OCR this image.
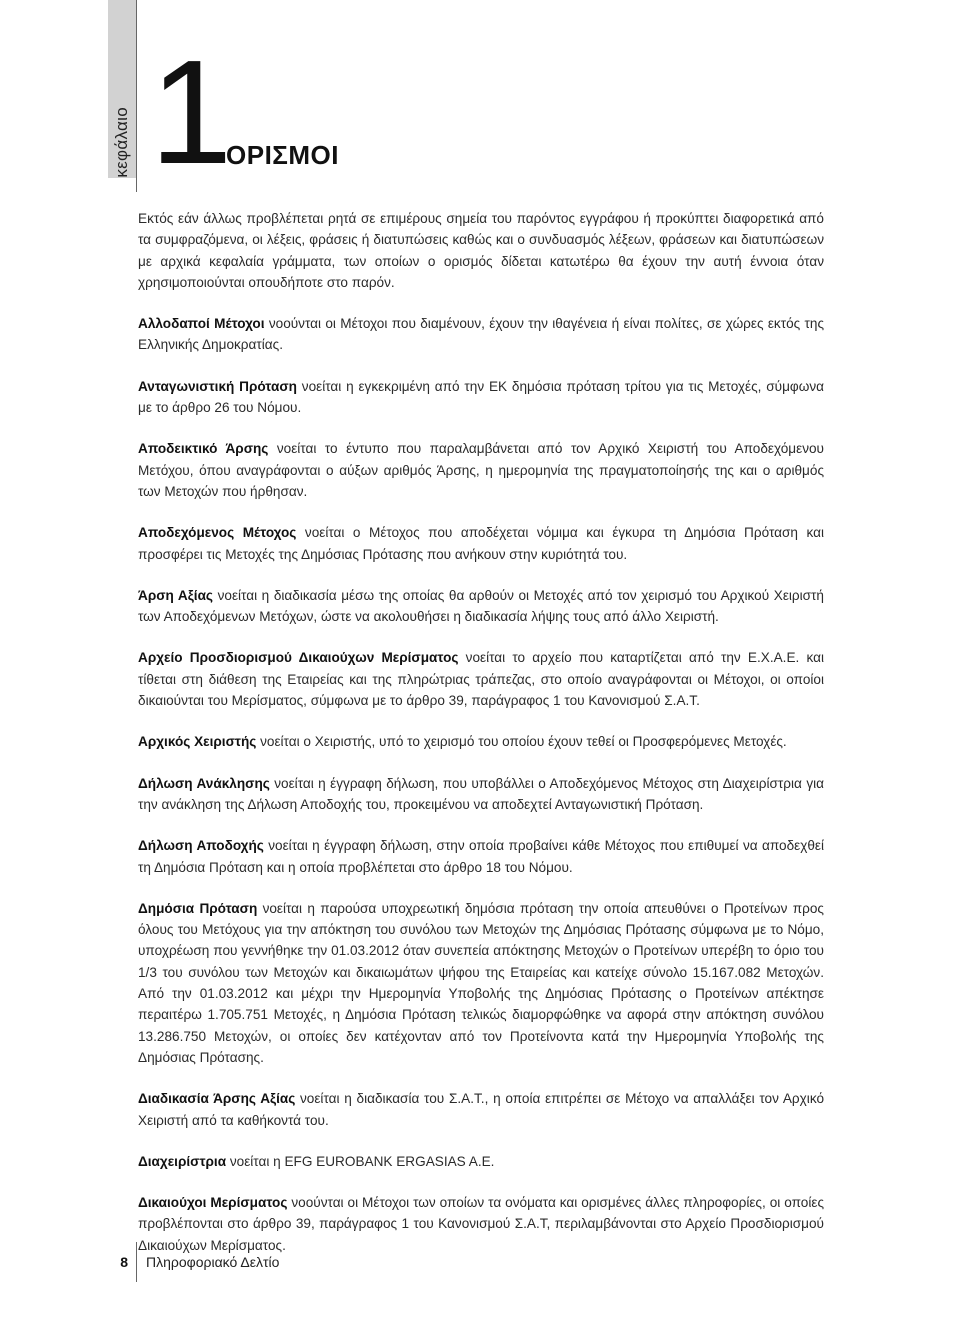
κεφάλαιο 1
ΟΡΙΣΜΟΙ

Εκτός εάν άλλως προβλέπεται ρητά σε επιμέρους σημεία του παρόντος εγγράφου ή προκύπτει διαφορετικά από τα συμφραζόμενα, οι λέξεις, φράσεις ή διατυπώσεις καθώς και ο συνδυασμός λέξεων, φράσεων και διατυπώσεων με αρχικά κεφαλαία γράμματα, των οποίων ο ορισμός δίδεται κατωτέρω θα έχουν την αυτή έννοια όταν χρησιμοποιούνται οπουδήποτε στο παρόν.

Αλλοδαποί Μέτοχοι νοούνται οι Μέτοχοι που διαμένουν, έχουν την ιθαγένεια ή είναι πολίτες, σε χώρες εκτός της Ελληνικής Δημοκρατίας.

Ανταγωνιστική Πρόταση νοείται η εγκεκριμένη από την ΕΚ δημόσια πρόταση τρίτου για τις Μετοχές, σύμφωνα με το άρθρο 26 του Νόμου.

Αποδεικτικό Άρσης νοείται το έντυπο που παραλαμβάνεται από τον Αρχικό Χειριστή του Αποδεχόμενου Μετόχου, όπου αναγράφονται ο αύξων αριθμός Άρσης, η ημερομηνία της πραγματοποίησής της και ο αριθμός των Μετοχών που ήρθησαν.

Αποδεχόμενος Μέτοχος νοείται ο Μέτοχος που αποδέχεται νόμιμα και έγκυρα τη Δημόσια Πρόταση και προσφέρει τις Μετοχές της Δημόσιας Πρότασης που ανήκουν στην κυριότητά του.

Άρση Αξίας νοείται η διαδικασία μέσω της οποίας θα αρθούν οι Μετοχές από τον χειρισμό του Αρχικού Χειριστή των Αποδεχόμενων Μετόχων, ώστε να ακολουθήσει η διαδικασία λήψης τους από άλλο Χειριστή.

Αρχείο Προσδιορισμού Δικαιούχων Μερίσματος νοείται το αρχείο που καταρτίζεται από την Ε.Χ.Α.Ε. και τίθεται στη διάθεση της Εταιρείας και της πληρώτριας τράπεζας, στο οποίο αναγράφονται οι Μέτοχοι, οι οποίοι δικαιούνται του Μερίσματος, σύμφωνα με το άρθρο 39, παράγραφος 1 του Κανονισμού Σ.Α.Τ.

Αρχικός Χειριστής νοείται ο Χειριστής, υπό το χειρισμό του οποίου έχουν τεθεί οι Προσφερόμενες Μετοχές.

Δήλωση Ανάκλησης νοείται η έγγραφη δήλωση, που υποβάλλει ο Αποδεχόμενος Μέτοχος στη Διαχειρίστρια για την ανάκληση της Δήλωση Αποδοχής του, προκειμένου να αποδεχτεί Ανταγωνιστική Πρόταση.

Δήλωση Αποδοχής νοείται η έγγραφη δήλωση, στην οποία προβαίνει κάθε Μέτοχος που επιθυμεί να αποδεχθεί τη Δημόσια Πρόταση και η οποία προβλέπεται στο άρθρο 18 του Νόμου.

Δημόσια Πρόταση νοείται η παρούσα υποχρεωτική δημόσια πρόταση την οποία απευθύνει ο Προτείνων προς όλους του Μετόχους για την απόκτηση του συνόλου των Μετοχών της Δημόσιας Πρότασης σύμφωνα με το Νόμο, υποχρέωση που γεννήθηκε την 01.03.2012 όταν συνεπεία απόκτησης Μετοχών ο Προτείνων υπερέβη το όριο του 1/3 του συνόλου των Μετοχών και δικαιωμάτων ψήφου της Εταιρείας και κατείχε σύνολο 15.167.082 Μετοχών. Από την 01.03.2012 και μέχρι την Ημερομηνία Υποβολής της Δημόσιας Πρότασης ο Προτείνων απέκτησε περαιτέρω 1.705.751 Μετοχές, η Δημόσια Πρόταση τελικώς διαμορφώθηκε να αφορά στην απόκτηση συνόλου 13.286.750 Μετοχών, οι οποίες δεν κατέχονταν από τον Προτείνοντα κατά την Ημερομηνία Υποβολής της Δημόσιας Πρότασης.

Διαδικασία Άρσης Αξίας νοείται η διαδικασία του Σ.Α.Τ., η οποία επιτρέπει σε Μέτοχο να απαλλάξει τον Αρχικό Χειριστή από τα καθήκοντά του.

Διαχειρίστρια νοείται η EFG EUROBANK ERGASIAS A.E.

Δικαιούχοι Μερίσματος νοούνται οι Μέτοχοι των οποίων τα ονόματα και ορισμένες άλλες πληροφορίες, οι οποίες προβλέπονται στο άρθρο 39, παράγραφος 1 του Κανονισμού Σ.Α.Τ, περιλαμβάνονται στο Αρχείο Προσδιορισμού Δικαιούχων Μερίσματος.

8 Πληροφοριακό Δελτίο
